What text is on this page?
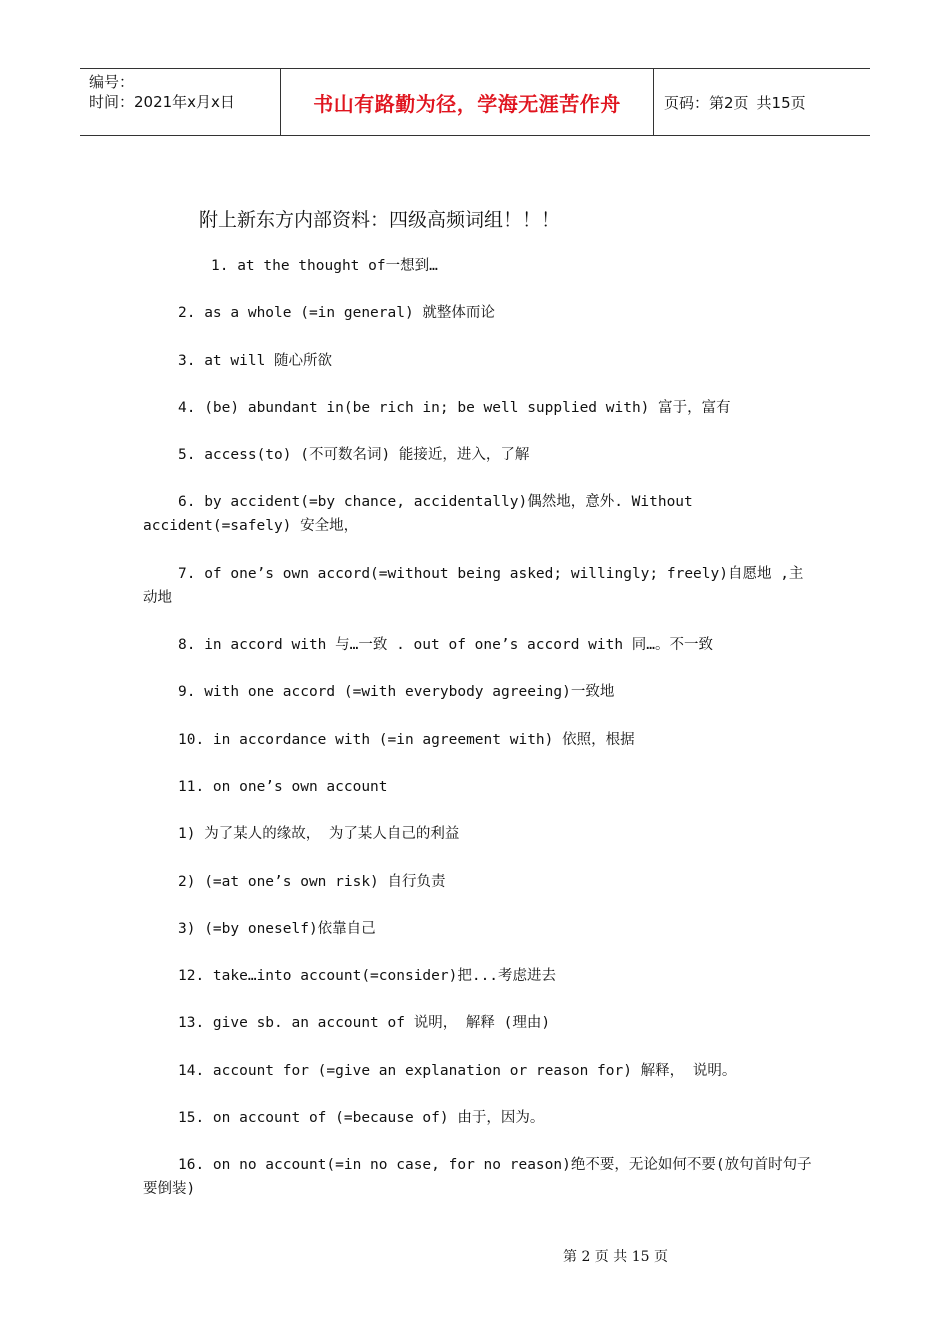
编号：
时间：2021年x月x日	书山有路勤为径，学海无涯苦作舟	页码：第2页 共15页
附上新东方内部资料：四级高频词组！！！
1. at the thought of一想到…
2. as a whole (=in general) 就整体而论
3. at will 随心所欲
4. (be) abundant in(be rich in; be well supplied with) 富于，富有
5. access(to) (不可数名词) 能接近，进入，了解
6. by accident(=by chance, accidentally)偶然地，意外. Without accident(=safely) 安全地，
7. of one’s own accord(=without being asked; willingly; freely)自愿地 ,主动地
8. in accord with 与…一致 . out of one’s accord with 同…。不一致
9. with one accord (=with everybody agreeing)一致地
10. in accordance with (=in agreement with) 依照，根据
11. on one’s own account
1) 为了某人的缘故， 为了某人自己的利益
2) (=at one’s own risk) 自行负责
3) (=by oneself)依靠自己
12. take…into account(=consider)把...考虑进去
13. give sb. an account of 说明， 解释 (理由)
14. account for (=give an explanation or reason for) 解释， 说明。
15. on account of (=because of) 由于，因为。
16. on no account(=in no case, for no reason)绝不要，无论如何不要(放句首时句子要倒装)
第 2 页 共 15 页
